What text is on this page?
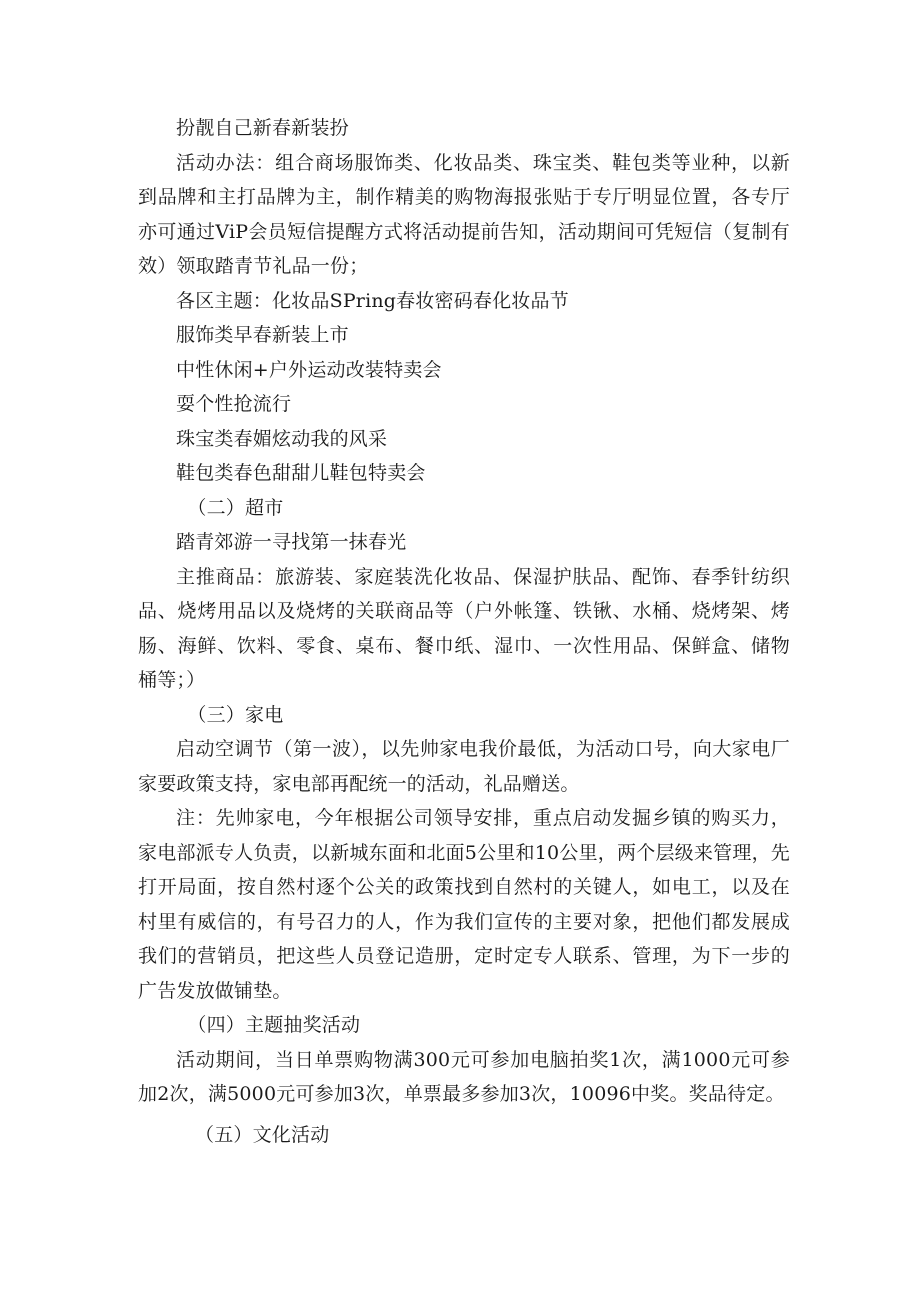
扮靓自己新春新装扮

活动办法：组合商场服饰类、化妆品类、珠宝类、鞋包类等业种，以新到品牌和主打品牌为主，制作精美的购物海报张贴于专厅明显位置，各专厅亦可通过ViP会员短信提醒方式将活动提前告知，活动期间可凭短信（复制有效）领取踏青节礼品一份；

各区主题：化妆品SPring春妆密码春化妆品节

服饰类早春新装上市

中性休闲+户外运动改装特卖会

耍个性抢流行

珠宝类春媚炫动我的风采

鞋包类春色甜甜儿鞋包特卖会

（二）超市

踏青郊游一寻找第一抹春光

主推商品：旅游装、家庭装洗化妆品、保湿护肤品、配饰、春季针纺织品、烧烤用品以及烧烤的关联商品等（户外帐篷、铁锹、水桶、烧烤架、烤肠、海鲜、饮料、零食、桌布、餐巾纸、湿巾、一次性用品、保鲜盒、储物桶等；）

（三）家电

启动空调节（第一波），以先帅家电我价最低，为活动口号，向大家电厂家要政策支持，家电部再配统一的活动，礼品赠送。

注：先帅家电，今年根据公司领导安排，重点启动发掘乡镇的购买力，家电部派专人负责，以新城东面和北面5公里和10公里，两个层级来管理，先打开局面，按自然村逐个公关的政策找到自然村的关键人，如电工，以及在村里有威信的，有号召力的人，作为我们宣传的主要对象，把他们都发展成我们的营销员，把这些人员登记造册，定时定专人联系、管理，为下一步的广告发放做铺垫。

（四）主题抽奖活动

活动期间，当日单票购物满300元可参加电脑拍奖1次，满1000元可参加2次，满5000元可参加3次，单票最多参加3次，10096中奖。奖品待定。

（五）文化活动
